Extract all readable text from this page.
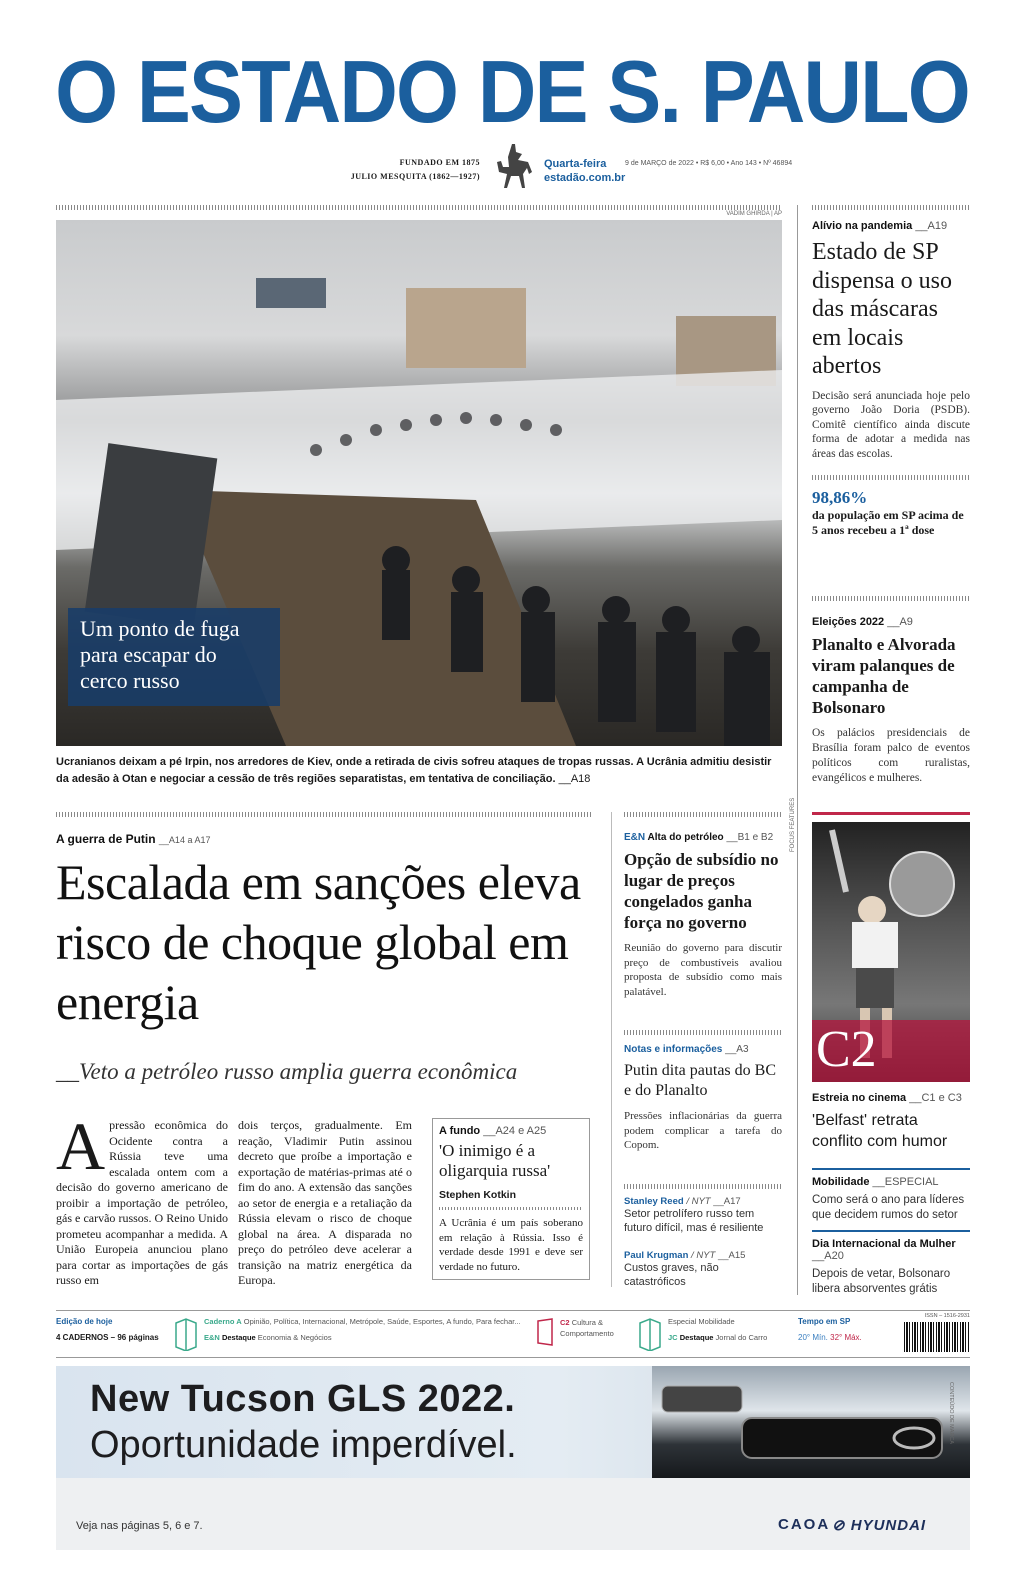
O ESTADO DE S. PAULO
FUNDADO EM 1875
JULIO MESQUITA (1862—1927)
Quarta-feira	9 de MARÇO de 2022 • R$ 6,00 • Ano 143 • Nº 46894
estadão.com.br
VADIM GHIRDA | AP
Um ponto de fuga para escapar do cerco russo
Ucranianos deixam a pé Irpin, nos arredores de Kiev, onde a retirada de civis sofreu ataques de tropas russas. A Ucrânia admitiu desistir da adesão à Otan e negociar a cessão de três regiões separatistas, em tentativa de conciliação. __A18
Alívio na pandemia __A19
Estado de SP dispensa o uso das máscaras em locais abertos
Decisão será anunciada hoje pelo governo João Doria (PSDB). Comitê científico ainda discute forma de adotar a medida nas áreas das escolas.
98,86%
da população em SP acima de 5 anos recebeu a 1ª dose
Eleições 2022 __A9
Planalto e Alvorada viram palanques de campanha de Bolsonaro
Os palácios presidenciais de Brasília foram palco de eventos políticos com ruralistas, evangélicos e mulheres.
C2
FOCUS FEATURES
Estreia no cinema __C1 e C3
'Belfast' retrata conflito com humor
Mobilidade __ESPECIAL
Como será o ano para líderes que decidem rumos do setor
Dia Internacional da Mulher __A20
Depois de vetar, Bolsonaro libera absorventes grátis
A guerra de Putin __A14 a A17
Escalada em sanções eleva risco de choque global em energia
__Veto a petróleo russo amplia guerra econômica
A pressão econômica do Ocidente contra a Rússia teve uma escalada ontem com a decisão do governo americano de proibir a importação de petróleo, gás e carvão russos. O Reino Unido prometeu acompanhar a medida. A União Europeia anunciou plano para cortar as importações de gás russo em
dois terços, gradualmente. Em reação, Vladimir Putin assinou decreto que proíbe a importação e exportação de matérias-primas até o fim do ano. A extensão das sanções ao setor de energia e a retaliação da Rússia elevam o risco de choque global na área. A disparada no preço do petróleo deve acelerar a transição na matriz energética da Europa.
A fundo __A24 e A25
'O inimigo é a oligarquia russa'
Stephen Kotkin
A Ucrânia é um país soberano em relação à Rússia. Isso é verdade desde 1991 e deve ser verdade no futuro.
E&N Alta do petróleo __B1 e B2
Opção de subsídio no lugar de preços congelados ganha força no governo
Reunião do governo para discutir preço de combustíveis avaliou proposta de subsídio como mais palatável.
Notas e informações __A3
Putin dita pautas do BC e do Planalto
Pressões inflacionárias da guerra podem complicar a tarefa do Copom.
Stanley Reed / NYT __A17
Setor petrolífero russo tem futuro difícil, mas é resiliente
Paul Krugman / NYT __A15
Custos graves, não catastróficos
Edição de hoje
4 CADERNOS – 96 páginas
Caderno A Opinião, Política, Internacional, Metrópole, Saúde, Esportes, A fundo, Para fechar...
E&N Destaque Economia & Negócios
C2 Cultura & Comportamento
Especial Mobilidade
JC Destaque Jornal do Carro
Tempo em SP
20° Mín. 32° Máx.
ISSN – 1516-2931
New Tucson GLS 2022.
Oportunidade imperdível.
Veja nas páginas 5, 6 e 7.	CAOA ⊘ HYUNDAI
CONTEÚDO DE MARCA
